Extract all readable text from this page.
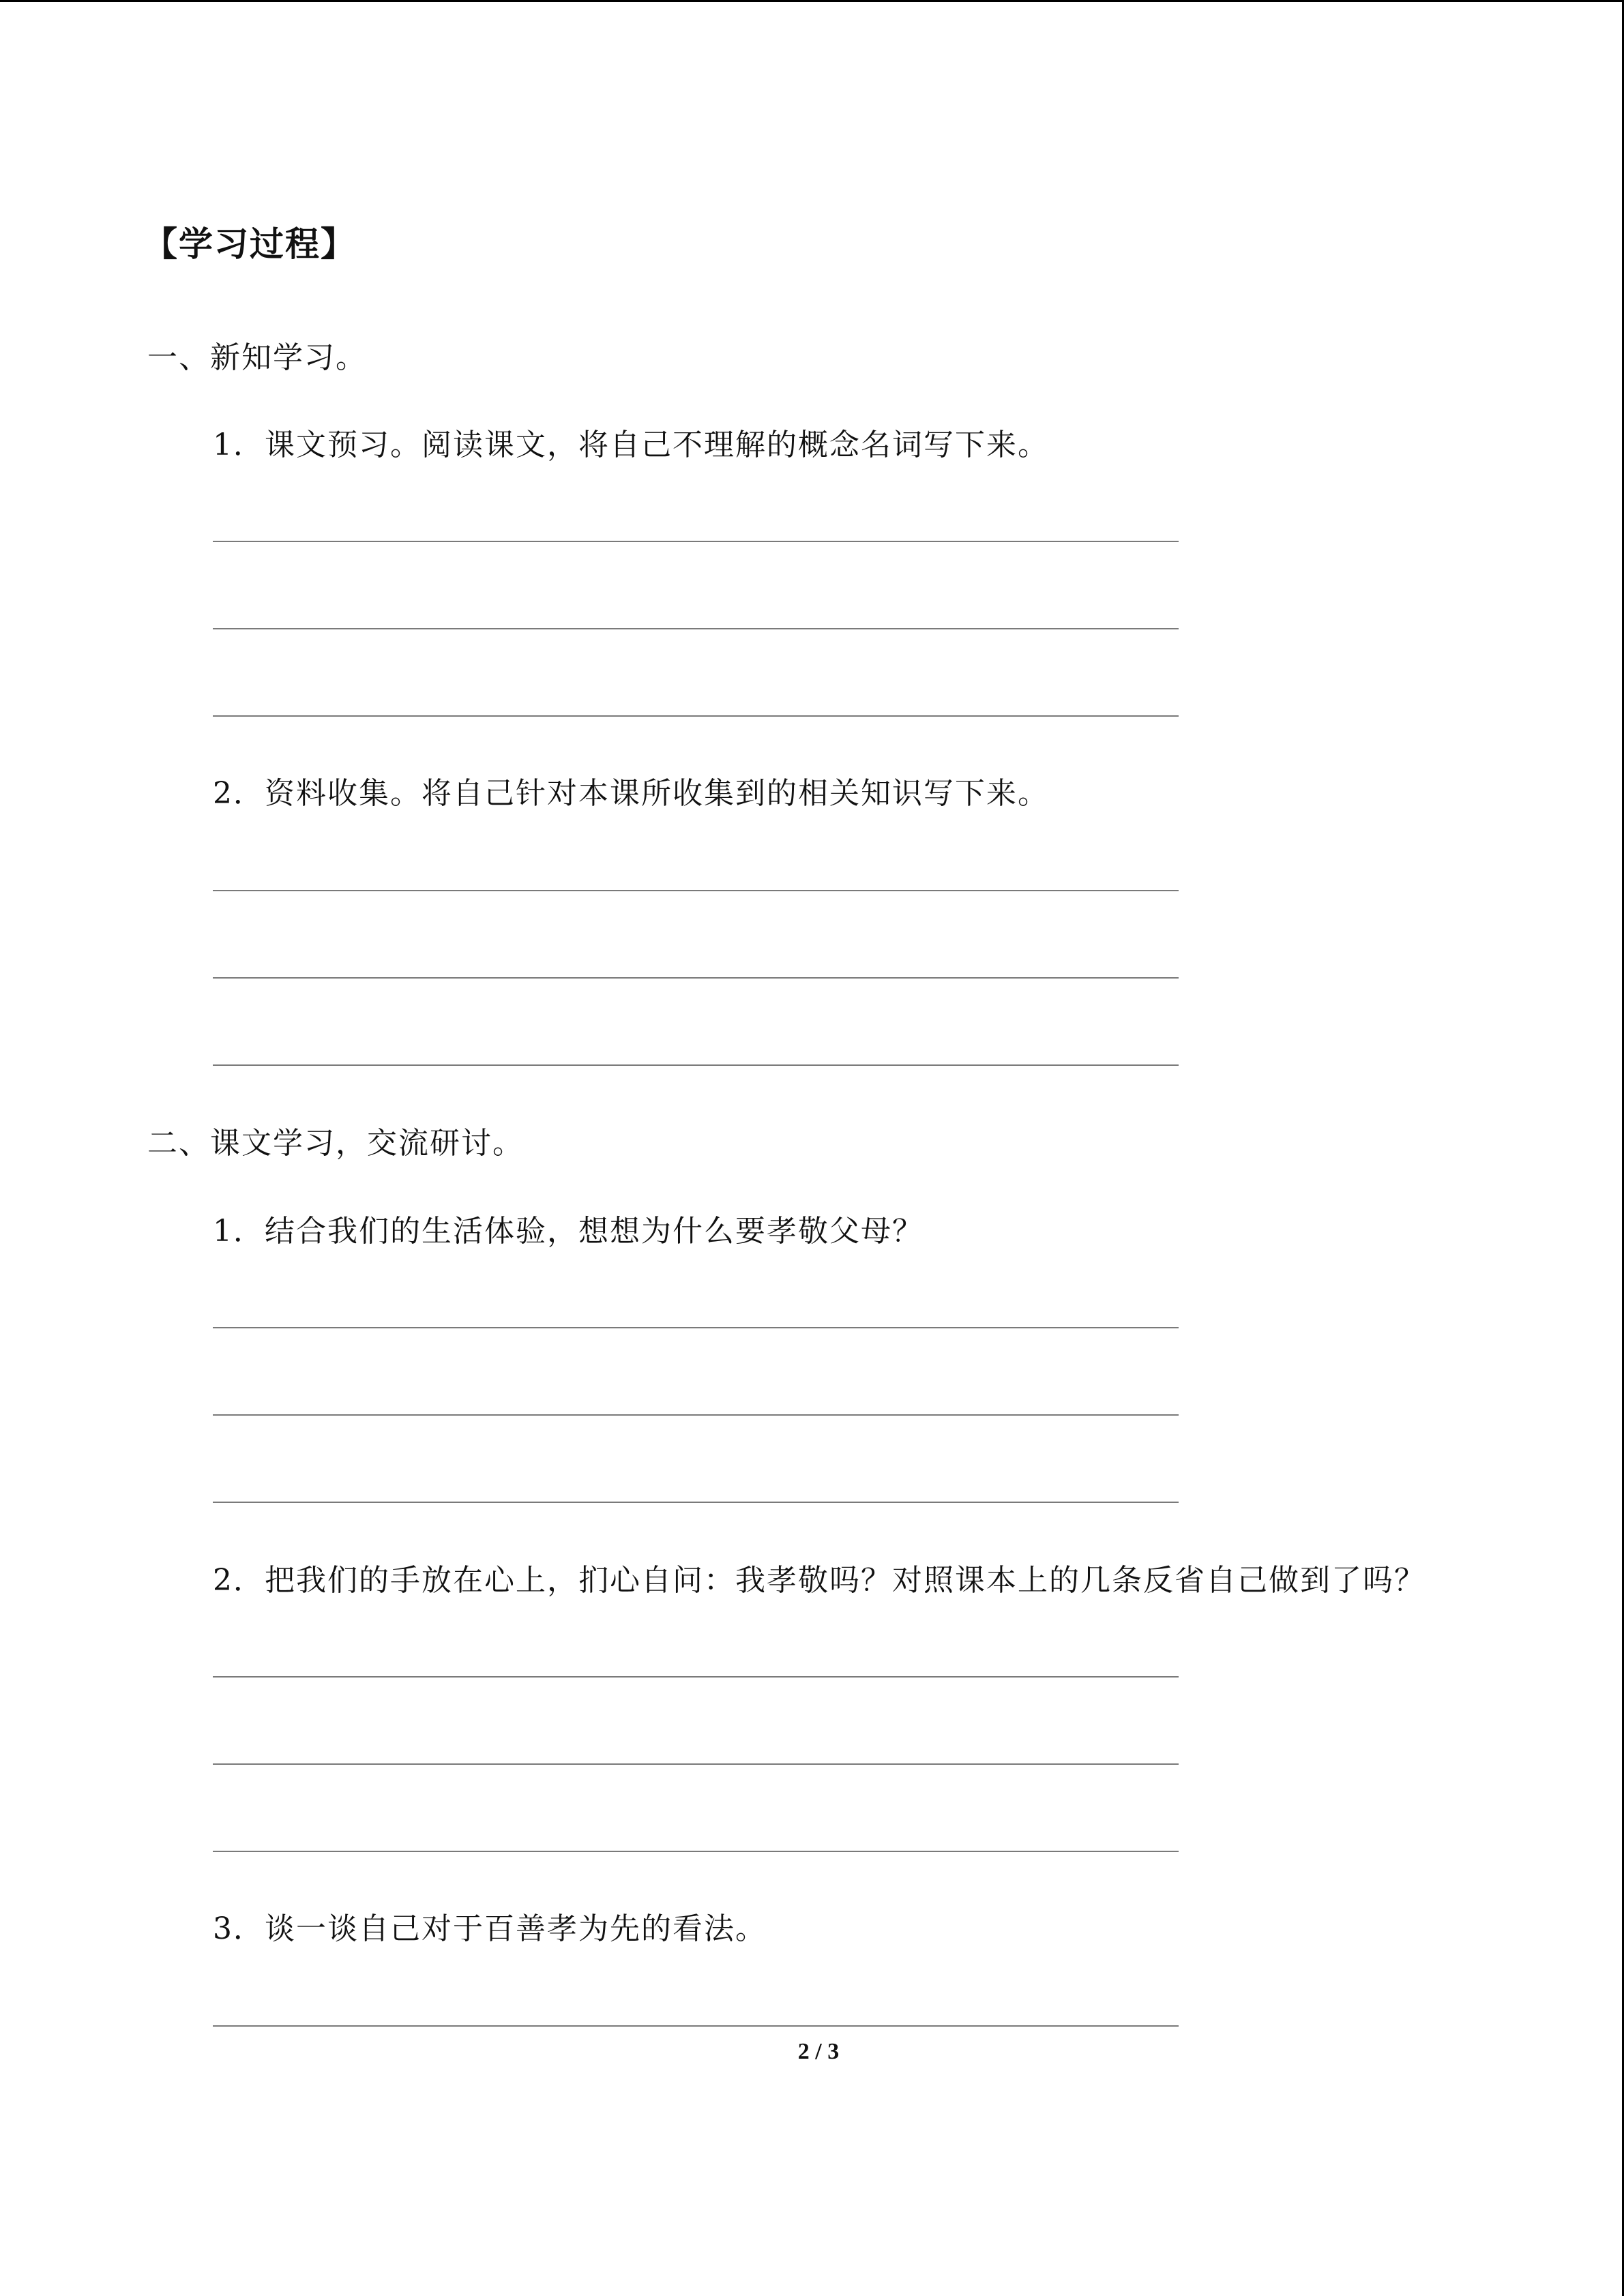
【学习过程】
一、新知学习。
1．课文预习。阅读课文，将自己不理解的概念名词写下来。
2．资料收集。将自己针对本课所收集到的相关知识写下来。
二、课文学习，交流研讨。
1．结合我们的生活体验，想想为什么要孝敬父母？
2．把我们的手放在心上，扪心自问：我孝敬吗？对照课本上的几条反省自己做到了吗？
3．谈一谈自己对于百善孝为先的看法。
2 / 3
